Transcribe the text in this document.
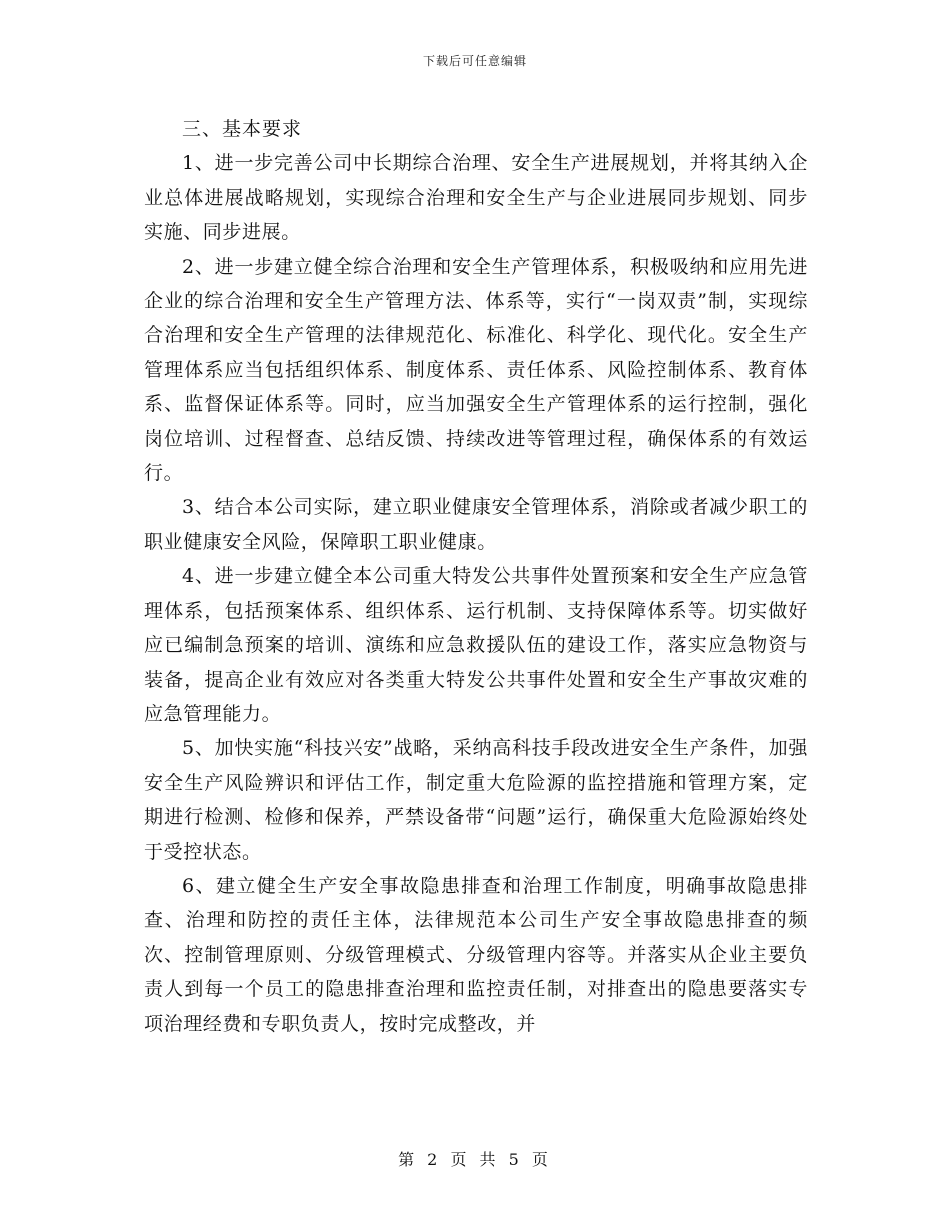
下载后可任意编辑

三、基本要求

1、进一步完善公司中长期综合治理、安全生产进展规划，并将其纳入企业总体进展战略规划，实现综合治理和安全生产与企业进展同步规划、同步实施、同步进展。

2、进一步建立健全综合治理和安全生产管理体系，积极吸纳和应用先进企业的综合治理和安全生产管理方法、体系等，实行“一岗双责”制，实现综合治理和安全生产管理的法律规范化、标准化、科学化、现代化。安全生产管理体系应当包括组织体系、制度体系、责任体系、风险控制体系、教育体系、监督保证体系等。同时，应当加强安全生产管理体系的运行控制，强化岗位培训、过程督查、总结反馈、持续改进等管理过程，确保体系的有效运行。

3、结合本公司实际，建立职业健康安全管理体系，消除或者减少职工的职业健康安全风险，保障职工职业健康。

4、进一步建立健全本公司重大特发公共事件处置预案和安全生产应急管理体系，包括预案体系、组织体系、运行机制、支持保障体系等。切实做好应已编制急预案的培训、演练和应急救援队伍的建设工作，落实应急物资与装备，提高企业有效应对各类重大特发公共事件处置和安全生产事故灾难的应急管理能力。

5、加快实施“科技兴安”战略，采纳高科技手段改进安全生产条件，加强安全生产风险辨识和评估工作，制定重大危险源的监控措施和管理方案，定期进行检测、检修和保养，严禁设备带“问题”运行，确保重大危险源始终处于受控状态。

6、建立健全生产安全事故隐患排查和治理工作制度，明确事故隐患排查、治理和防控的责任主体，法律规范本公司生产安全事故隐患排查的频次、控制管理原则、分级管理模式、分级管理内容等。并落实从企业主要负责人到每一个员工的隐患排查治理和监控责任制，对排查出的隐患要落实专项治理经费和专职负责人，按时完成整改，并

第 2 页 共 5 页
